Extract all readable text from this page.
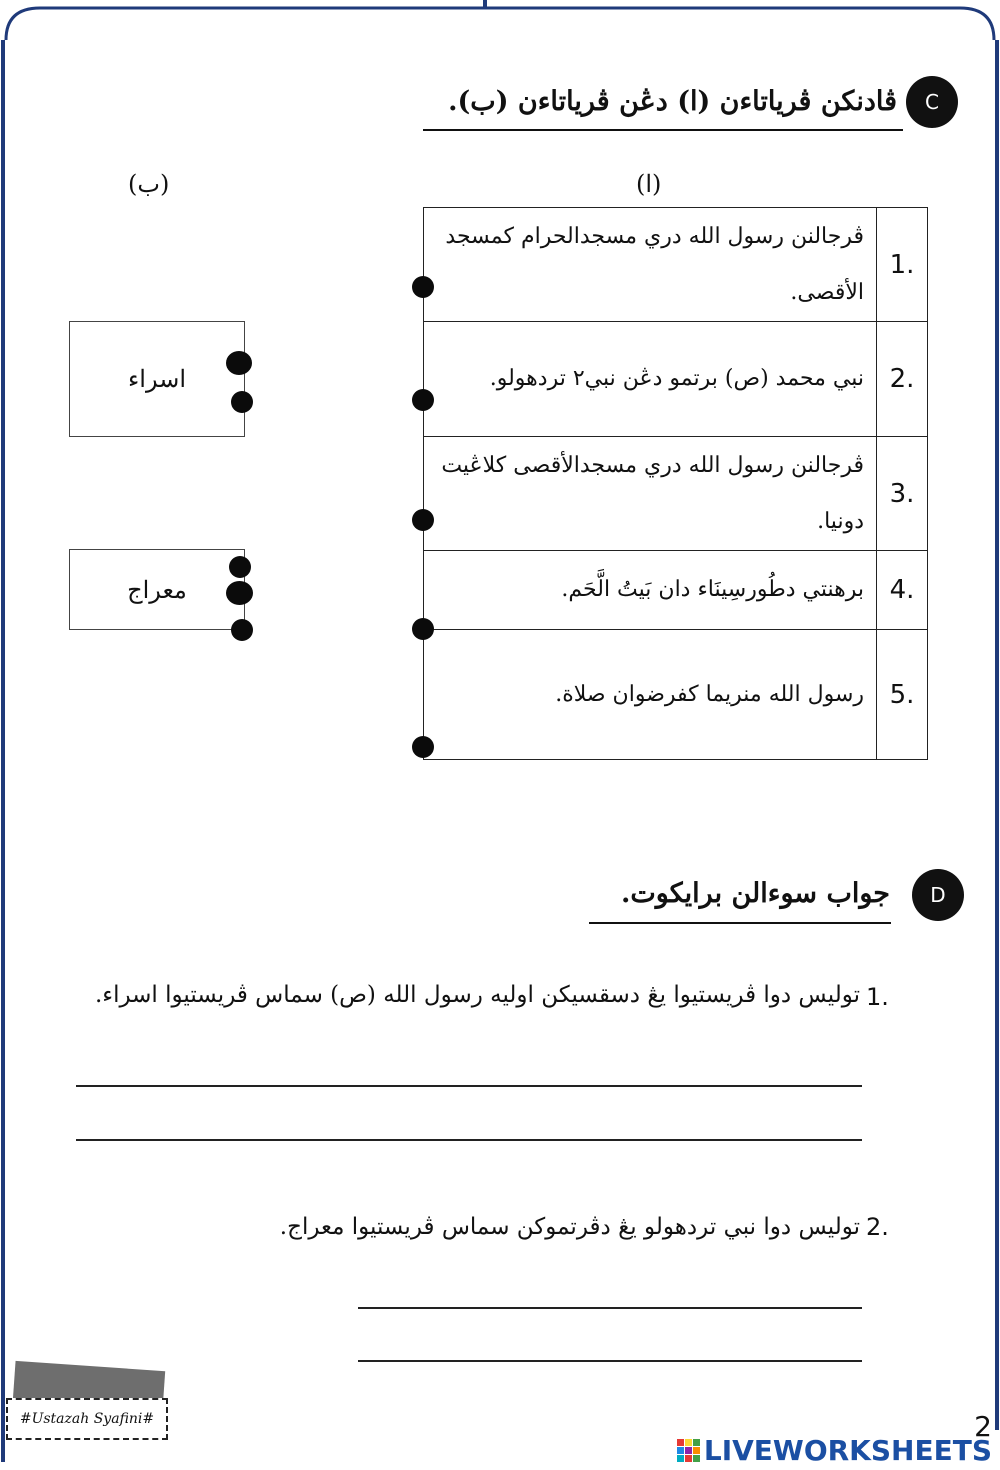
C
ڤادنكن ڤرياتاءن (ا) دڠن ڤرياتاءن (ب).
(ب)	(ا)
ڤرجالنن رسول الله دري مسجدالحرام كمسجد الأقصى.	1.
نبي محمد (ص) برتمو دڠن نبي٢ تردهولو.	2.
ڤرجالنن رسول الله دري مسجدالأقصى كلاڠيت دونيا.	3.
برهنتي دطُورسِينَاء دان بَيتُ الَّحَم.	4.
رسول الله منريما كفرضوان صلاة.	5.
اسراء
معراج
D
جواب سوءالن برايكوت.
1.
توليس دوا ڤريستيوا يڠ دسقسيكن اوليه رسول الله (ص) سماس ڤريستيوا اسراء.
2.
توليس دوا نبي تردهولو يڠ دڤرتموكن سماس ڤريستيوا معراج.
#Ustazah Syafini#	2
LIVEWORKSHEETS
